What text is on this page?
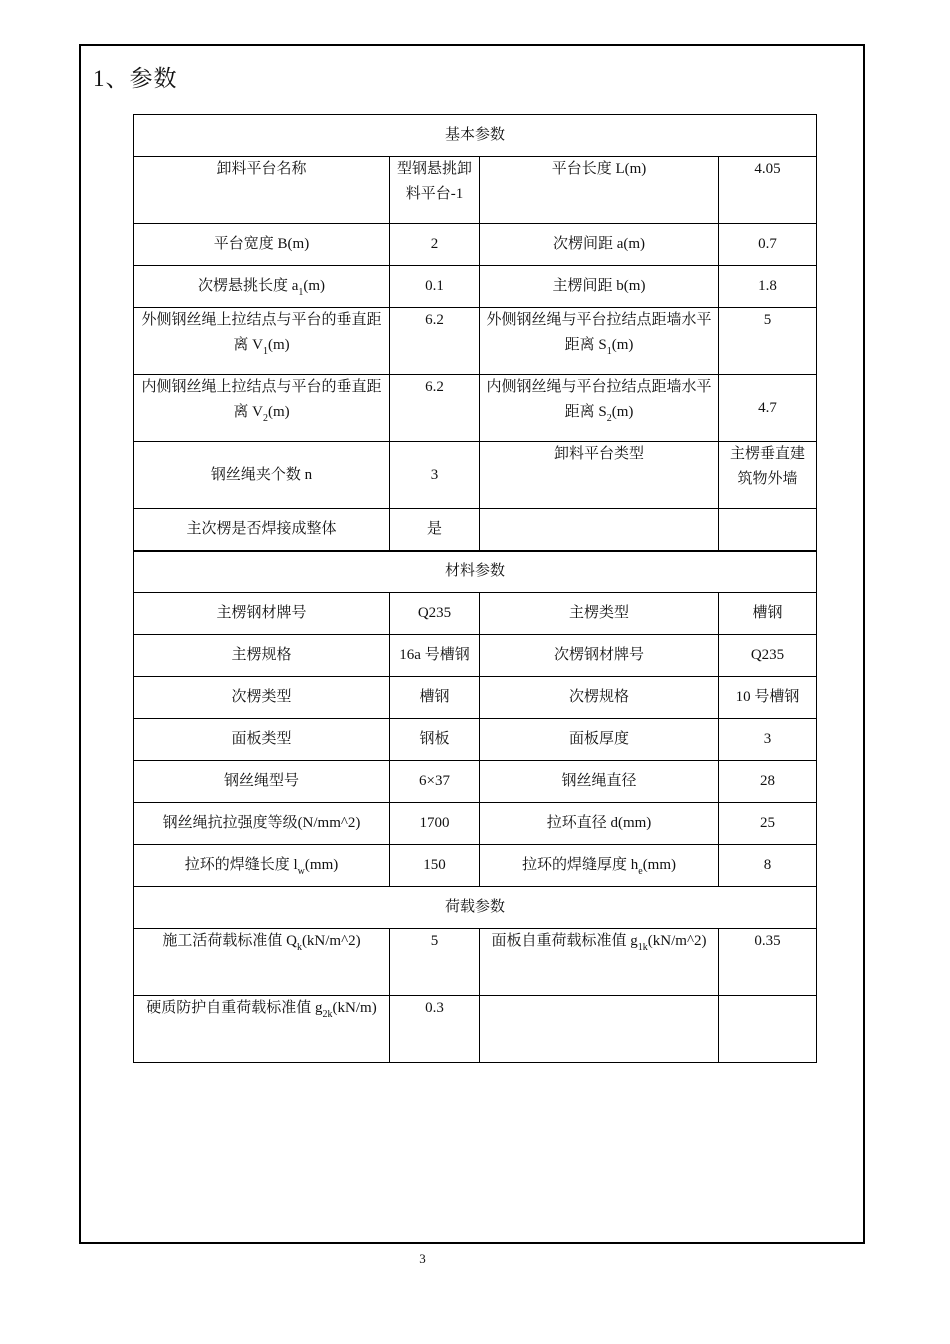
1、参数
基本参数			
卸料平台名称	型钢悬挑卸料平台-1	平台长度 L(m)	4.05
平台宽度 B(m)	2	次楞间距 a(m)	0.7
次楞悬挑长度 $a_1(m)$	0.1	主楞间距 b(m)	1.8
外侧钢丝绳上拉结点与平台的垂直距离 $V_1(m)$	6.2	外侧钢丝绳与平台拉结点距墙水平距离 $S_1(m)$	5
内侧钢丝绳上拉结点与平台的垂直距离 $V_2(m)$	6.2	内侧钢丝绳与平台拉结点距墙水平距离 $S_2(m)$	4.7
钢丝绳夹个数 n	3	卸料平台类型	主楞垂直建筑物外墙
主次楞是否焊接成整体	是		
材料参数			
主楞钢材牌号	Q235	主楞类型	槽钢
主楞规格	16a 号槽钢	次楞钢材牌号	Q235
次楞类型	槽钢	次楞规格	10 号槽钢
面板类型	钢板	面板厚度	3
钢丝绳型号	6×37	钢丝绳直径	28
钢丝绳抗拉强度等级(N/mm^2)	1700	拉环直径 d(mm)	25
拉环的焊缝长度 $l_w(mm)$	150	拉环的焊缝厚度 $h_e(mm)$	8
荷载参数			
施工活荷载标准值 $Q_k(kN/m\^{}2)$	5	面板自重荷载标准值 $g_{1k}(kN/m\^{}2)$	0.35
硬质防护自重荷载标准值 $g_{2k}(kN/m)$	0.3		
3
